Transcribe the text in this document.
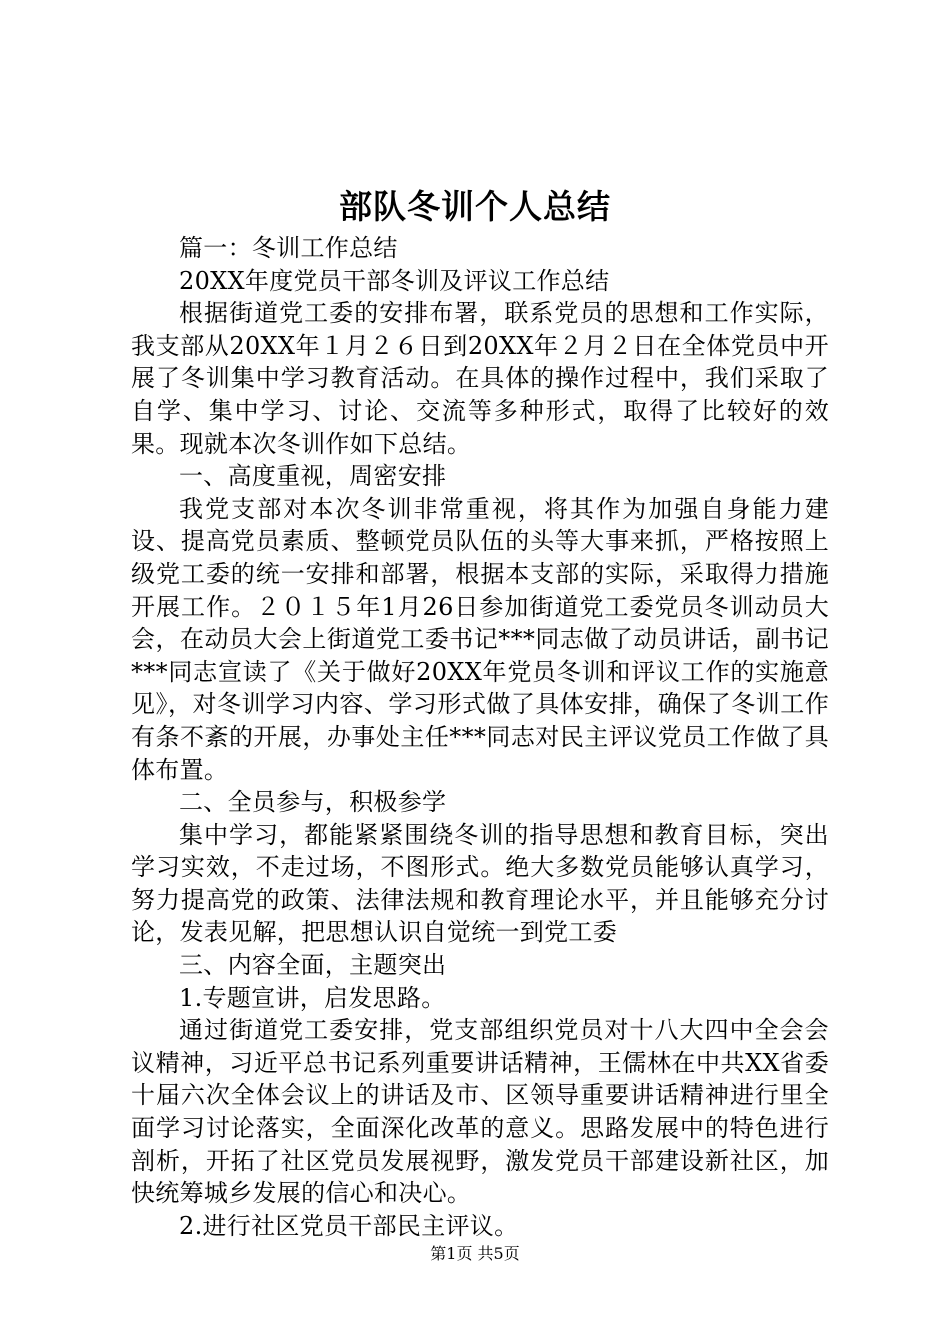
部队冬训个人总结

篇一：冬训工作总结

20XX年度党员干部冬训及评议工作总结

根据街道党工委的安排布署，联系党员的思想和工作实际，我支部从20XX年１月２６日到20XX年２月２日在全体党员中开展了冬训集中学习教育活动。在具体的操作过程中，我们采取了自学、集中学习、讨论、交流等多种形式，取得了比较好的效果。现就本次冬训作如下总结。

一、高度重视，周密安排

我党支部对本次冬训非常重视，将其作为加强自身能力建设、提高党员素质、整顿党员队伍的头等大事来抓，严格按照上级党工委的统一安排和部署，根据本支部的实际，采取得力措施开展工作。２０１５年1月26日参加街道党工委党员冬训动员大会，在动员大会上街道党工委书记***同志做了动员讲话，副书记***同志宣读了《关于做好20XX年党员冬训和评议工作的实施意见》，对冬训学习内容、学习形式做了具体安排，确保了冬训工作有条不紊的开展，办事处主任***同志对民主评议党员工作做了具体布置。

二、全员参与，积极参学

集中学习，都能紧紧围绕冬训的指导思想和教育目标，突出学习实效，不走过场，不图形式。绝大多数党员能够认真学习，努力提高党的政策、法律法规和教育理论水平，并且能够充分讨论，发表见解，把思想认识自觉统一到党工委

三、内容全面，主题突出

1.专题宣讲，启发思路。

通过街道党工委安排，党支部组织党员对十八大四中全会会议精神，习近平总书记系列重要讲话精神，王儒林在中共XX省委十届六次全体会议上的讲话及市、区领导重要讲话精神进行里全面学习讨论落实，全面深化改革的意义。思路发展中的特色进行剖析，开拓了社区党员发展视野，激发党员干部建设新社区，加快统筹城乡发展的信心和决心。

2.进行社区党员干部民主评议。

第1页 共5页
